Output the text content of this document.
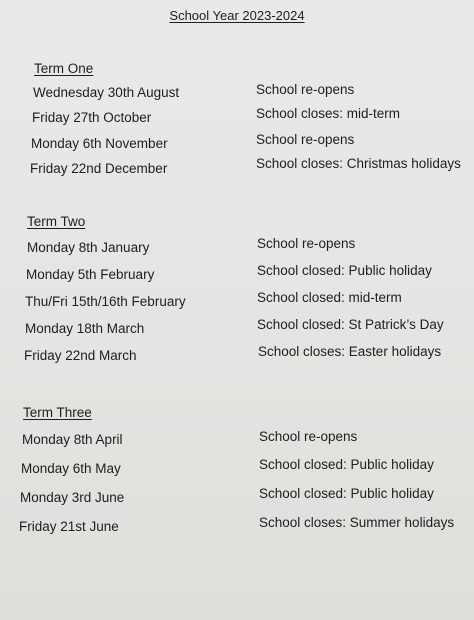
School Year 2023-2024
Term One
Wednesday 30th August	School re-opens
Friday 27th October	School closes: mid-term
Monday 6th November	School re-opens
Friday 22nd December	School closes: Christmas holidays
Term Two
Monday 8th January	School re-opens
Monday 5th February	School closed: Public holiday
Thu/Fri 15th/16th February	School closed: mid-term
Monday 18th March	School closed: St Patrick’s Day
Friday 22nd March	School closes: Easter holidays
Term Three
Monday 8th April	School re-opens
Monday 6th May	School closed: Public holiday
Monday 3rd June	School closed: Public holiday
Friday 21st June	School closes: Summer holidays
